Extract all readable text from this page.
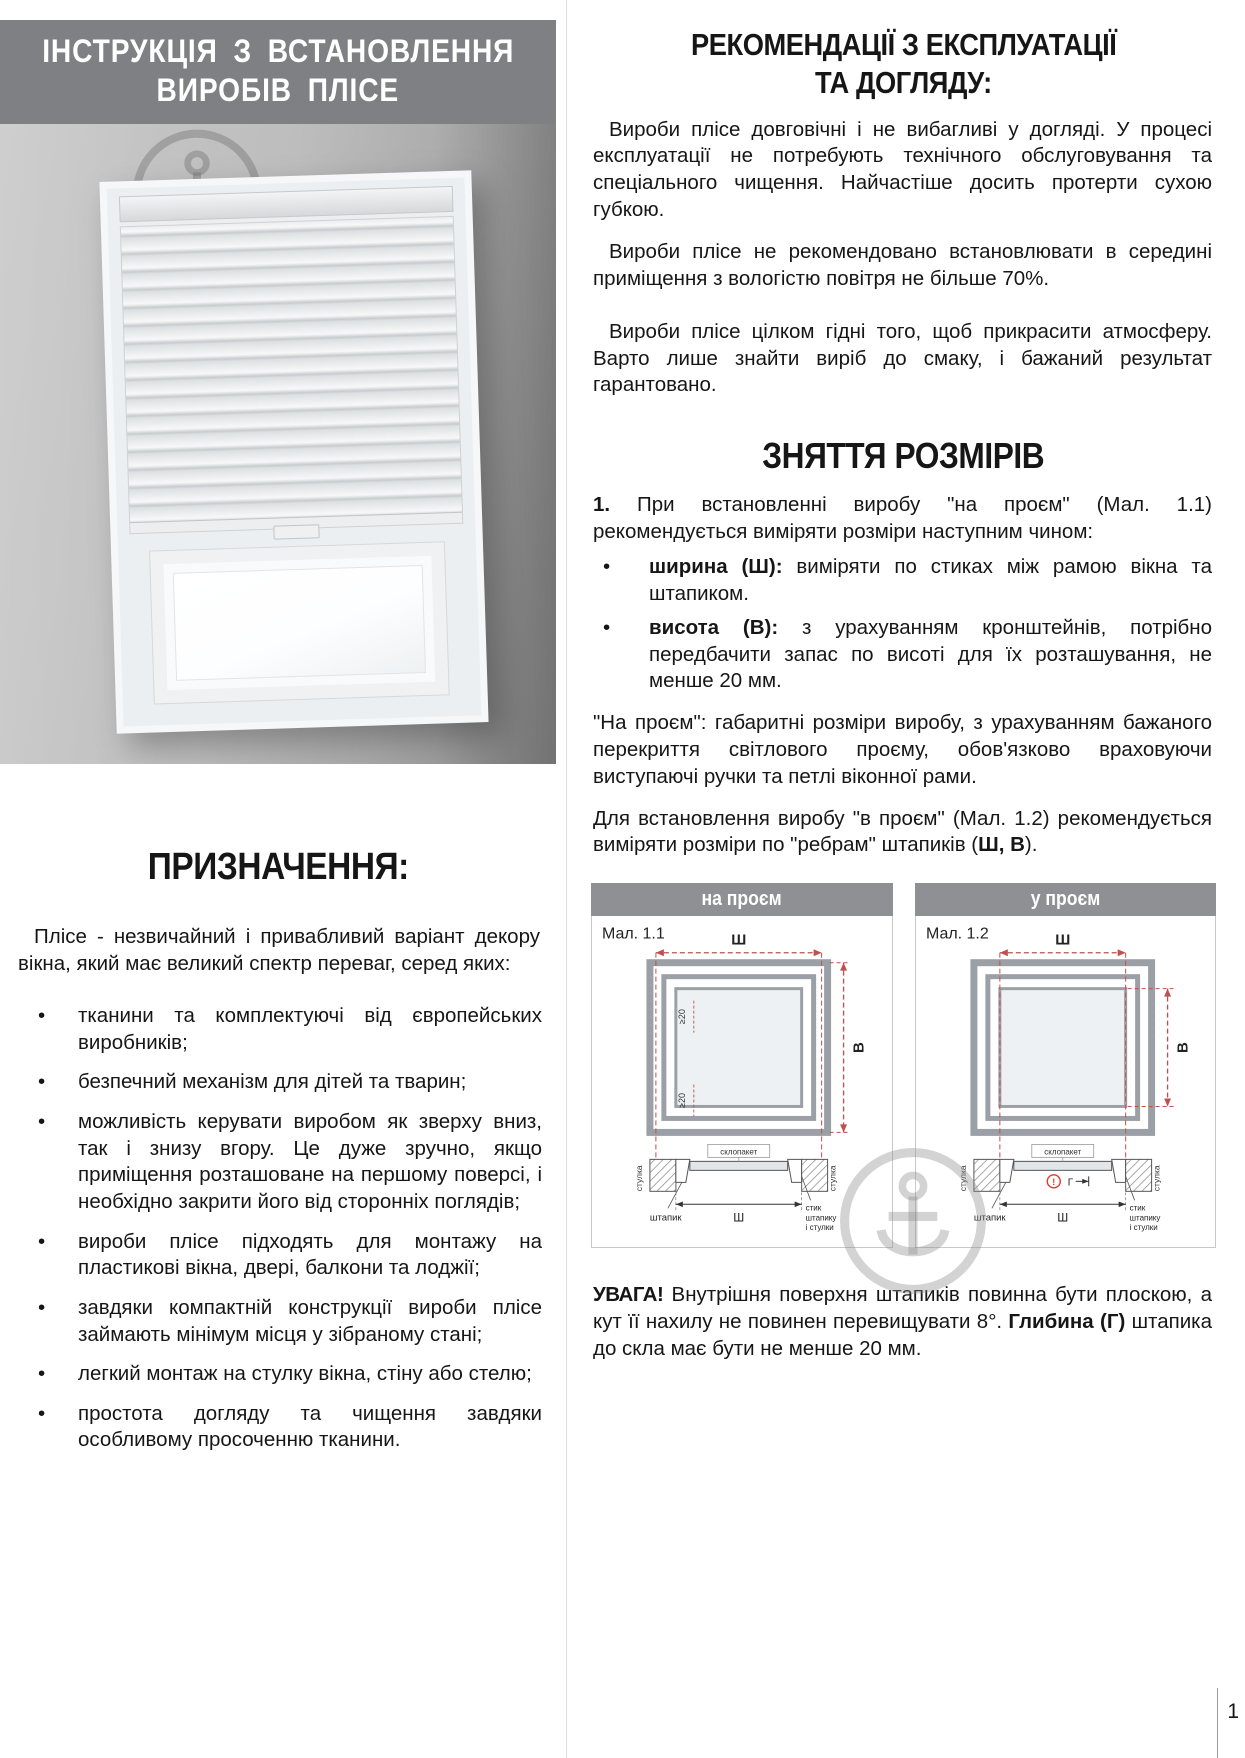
ІНСТРУКЦІЯ З ВСТАНОВЛЕННЯ
ВИРОБІВ ПЛІСЕ
ПРИЗНАЧЕННЯ:

Плісе - незвичайний і привабливий варіант декору вікна, який має великий спектр переваг, серед яких:

• тканини та комплектуючі від європейських виробників;
• безпечний механізм для дітей та тварин;
• можливість керувати виробом як зверху вниз, так і знизу вгору. Це дуже зручно, якщо приміщення розташоване на першому поверсі, і необхідно закрити його від сторонніх поглядів;
• вироби плісе підходять для монтажу на пластикові вікна, двері, балкони та лоджії;
• завдяки компактній конструкції вироби плісе займають мінімум місця у зібраному стані;
• легкий монтаж на стулку вікна, стіну або стелю;
• простота догляду та чищення завдяки особливому просоченню тканини.
РЕКОМЕНДАЦІЇ З ЕКСПЛУАТАЦІЇ
ТА ДОГЛЯДУ:

Вироби плісе довговічні і не вибагливі у догляді. У процесі експлуатації не потребують технічного обслуговування та спеціального чищення. Найчастіше досить протерти сухою губкою.

Вироби плісе не рекомендовано встановлювати в середині приміщення з вологістю повітря не більше 70%.

Вироби плісе цілком гідні того, щоб прикрасити атмосферу. Варто лише знайти виріб до смаку, і бажаний результат гарантовано.

ЗНЯТТЯ РОЗМІРІВ

1. При встановленні виробу "на проєм" (Мал. 1.1) рекомендується виміряти розміри наступним чином:

• ширина (Ш): виміряти по стиках між рамою вікна та штапиком.
• висота (В): з урахуванням кронштейнів, потрібно передбачити запас по висоті для їх розташування, не менше 20 мм.

"На проєм": габаритні розміри виробу, з урахуванням бажаного перекриття світлового проєму, обов'язково враховуючи виступаючі ручки та петлі віконної рами.

Для встановлення виробу "в проєм" (Мал. 1.2) рекомендується виміряти розміри по "ребрам" штапиків (Ш, В).

на проєм
Мал. 1.1	Ш
В
≥20
≥20
склопакет
стулка	стулка
штапик	Ш
стик
штапику
і стулки
у проєм
Мал. 1.2	Ш
В
склопакет
! Г
стулка	стулка
штапик	Ш
стик
штапику
і стулки

УВАГА! Внутрішня поверхня штапиків повинна бути плоскою, а кут її нахилу не повинен перевищувати 8°. Глибина (Г) штапика до скла має бути не менше 20 мм.

1
